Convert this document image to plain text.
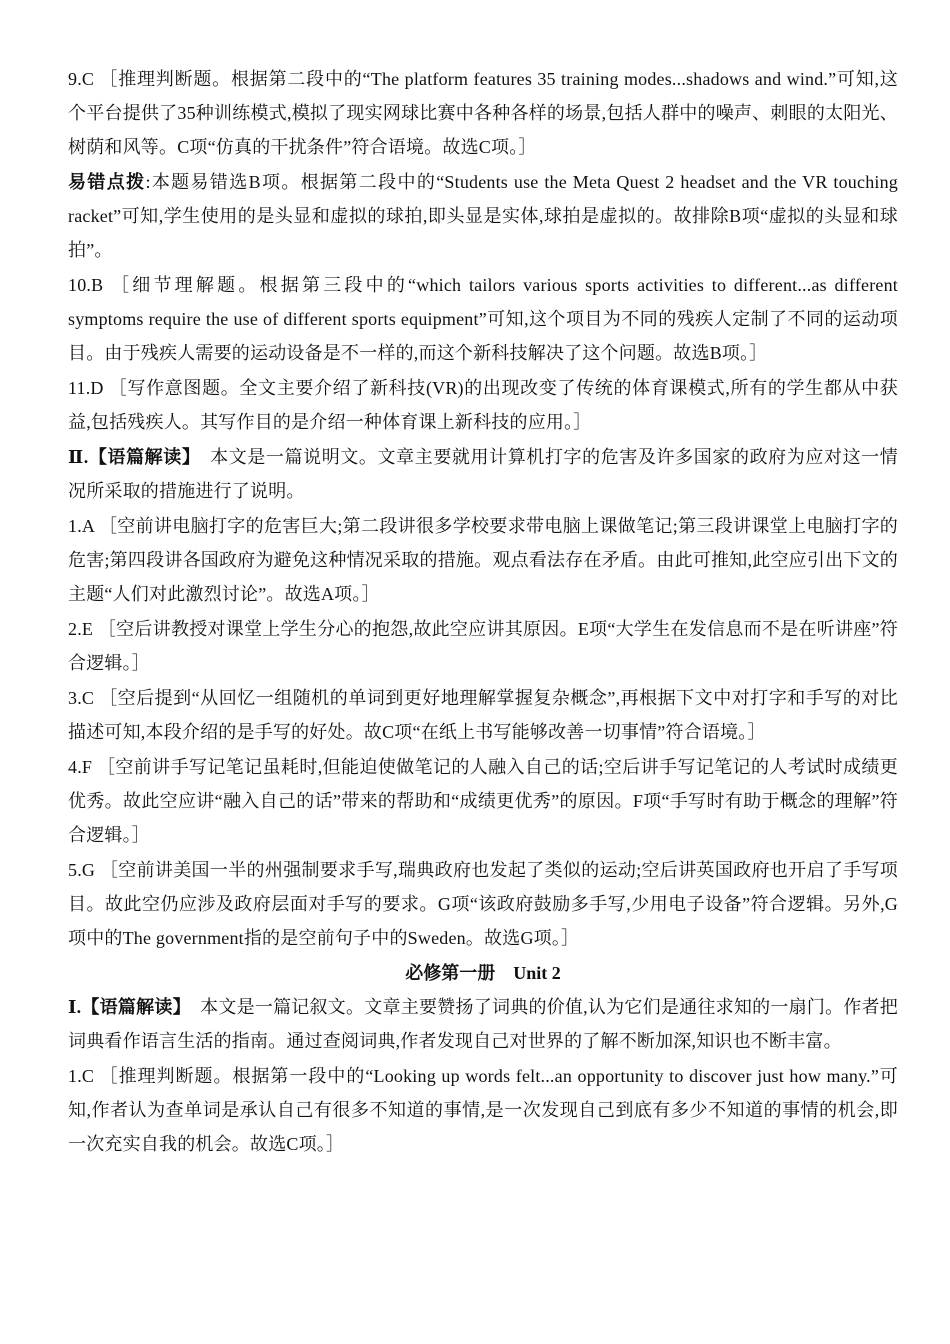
9.C ［推理判断题。根据第二段中的“The platform features 35 training modes...shadows and wind.”可知,这个平台提供了35种训练模式,模拟了现实网球比赛中各种各样的场景,包括人群中的噪声、刺眼的太阳光、树荫和风等。C项“仿真的干扰条件”符合语境。故选C项。］

易错点拨:本题易错选B项。根据第二段中的“Students use the Meta Quest 2 headset and the VR touching racket”可知,学生使用的是头显和虚拟的球拍,即头显是实体,球拍是虚拟的。故排除B项“虚拟的头显和球拍”。

10.B ［细节理解题。根据第三段中的“which tailors various sports activities to different...as different symptoms require the use of different sports equipment”可知,这个项目为不同的残疾人定制了不同的运动项目。由于残疾人需要的运动设备是不一样的,而这个新科技解决了这个问题。故选B项。］

11.D ［写作意图题。全文主要介绍了新科技(VR)的出现改变了传统的体育课模式,所有的学生都从中获益,包括残疾人。其写作目的是介绍一种体育课上新科技的应用。］

Ⅱ.【语篇解读】　本文是一篇说明文。文章主要就用计算机打字的危害及许多国家的政府为应对这一情况所采取的措施进行了说明。

1.A ［空前讲电脑打字的危害巨大;第二段讲很多学校要求带电脑上课做笔记;第三段讲课堂上电脑打字的危害;第四段讲各国政府为避免这种情况采取的措施。观点看法存在矛盾。由此可推知,此空应引出下文的主题“人们对此激烈讨论”。故选A项。］

2.E ［空后讲教授对课堂上学生分心的抱怨,故此空应讲其原因。E项“大学生在发信息而不是在听讲座”符合逻辑。］

3.C ［空后提到“从回忆一组随机的单词到更好地理解掌握复杂概念”,再根据下文中对打字和手写的对比描述可知,本段介绍的是手写的好处。故C项“在纸上书写能够改善一切事情”符合语境。］

4.F ［空前讲手写记笔记虽耗时,但能迫使做笔记的人融入自己的话;空后讲手写记笔记的人考试时成绩更优秀。故此空应讲“融入自己的话”带来的帮助和“成绩更优秀”的原因。F项“手写时有助于概念的理解”符合逻辑。］

5.G ［空前讲美国一半的州强制要求手写,瑞典政府也发起了类似的运动;空后讲英国政府也开启了手写项目。故此空仍应涉及政府层面对手写的要求。G项“该政府鼓励多手写,少用电子设备”符合逻辑。另外,G项中的The government指的是空前句子中的Sweden。故选G项。］

必修第一册　Unit 2

Ⅰ.【语篇解读】　本文是一篇记叙文。文章主要赞扬了词典的价值,认为它们是通往求知的一扇门。作者把词典看作语言生活的指南。通过查阅词典,作者发现自己对世界的了解不断加深,知识也不断丰富。

1.C ［推理判断题。根据第一段中的“Looking up words felt...an opportunity to discover just how many.”可知,作者认为查单词是承认自己有很多不知道的事情,是一次发现自己到底有多少不知道的事情的机会,即一次充实自我的机会。故选C项。］
